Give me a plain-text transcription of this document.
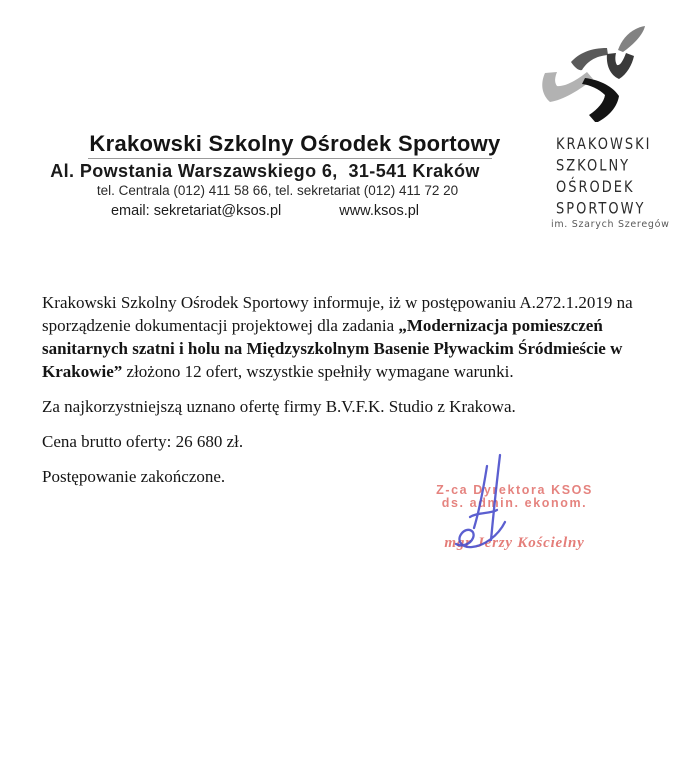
Krakowski Szkolny Ośrodek Sportowy
Al. Powstania Warszawskiego 6,  31-541 Kraków
tel. Centrala (012) 411 58 66, tel. sekretariat (012) 411 72 20
email: sekretariat@ksos.pl	www.ksos.pl
KRAKOWSKI
SZKOLNY
OŚRODEK
SPORTOWY
im. Szarych Szeregów

Krakowski Szkolny Ośrodek Sportowy informuje, iż w postępowaniu A.272.1.2019 na sporządzenie dokumentacji projektowej dla zadania „Modernizacja pomieszczeń sanitarnych szatni i holu na Międzyszkolnym Basenie Pływackim Śródmieście w Krakowie” złożono 12 ofert, wszystkie spełniły wymagane warunki.

Za najkorzystniejszą uznano ofertę firmy B.V.F.K. Studio z Krakowa.

Cena brutto oferty: 26 680 zł.

Postępowanie zakończone.

Z-ca Dyrektora KSOS
ds. admin. ekonom.
mgr Jerzy Kościelny
